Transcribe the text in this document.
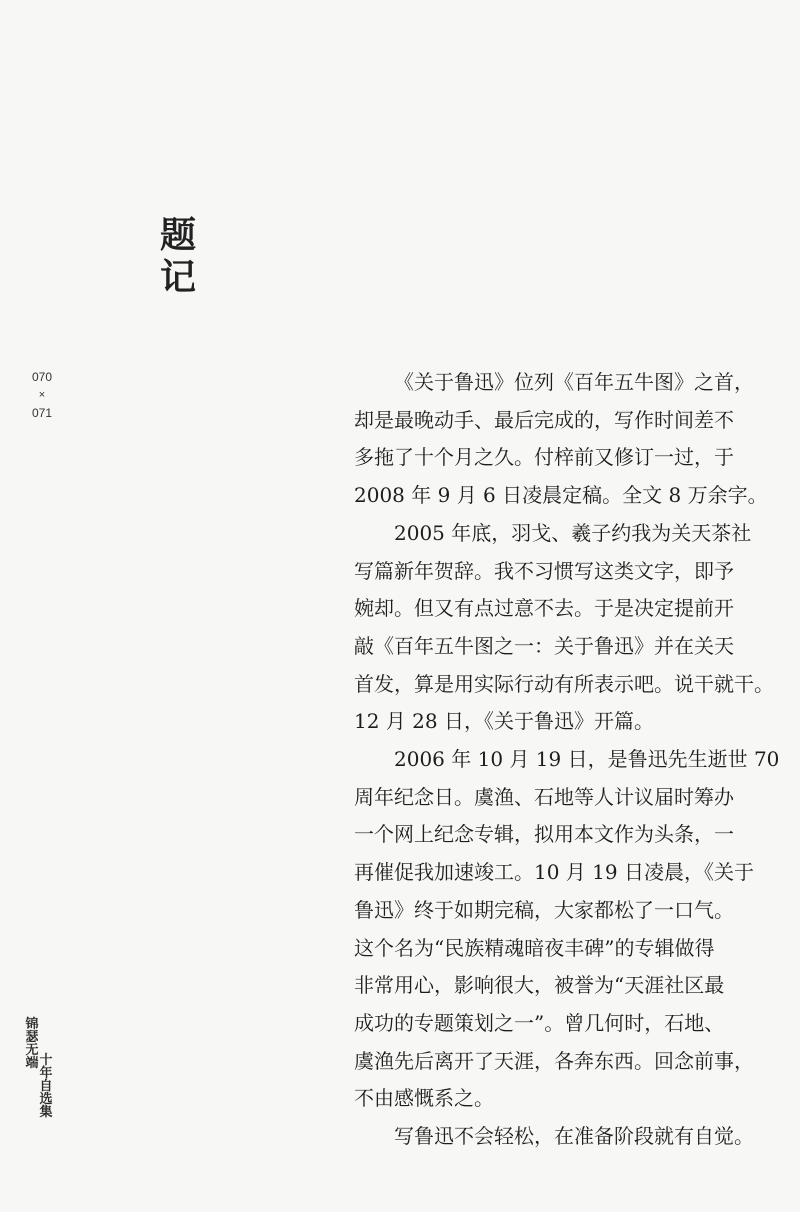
题
记
070
×
071
锦
瑟
无
端 十
年
自
选
集

《关于鲁迅》位列《百年五牛图》之首，
却是最晚动手、最后完成的，写作时间差不
多拖了十个月之久。付梓前又修订一过，于
2008 年 9 月 6 日凌晨定稿。全文 8 万余字。

2005 年底，羽戈、羲子约我为关天茶社
写篇新年贺辞。我不习惯写这类文字，即予
婉却。但又有点过意不去。于是决定提前开
敲《百年五牛图之一：关于鲁迅》并在关天
首发，算是用实际行动有所表示吧。说干就干。
12 月 28 日，《关于鲁迅》开篇。

2006 年 10 月 19 日，是鲁迅先生逝世 70
周年纪念日。虞渔、石地等人计议届时筹办
一个网上纪念专辑，拟用本文作为头条，一
再催促我加速竣工。10 月 19 日凌晨，《关于
鲁迅》终于如期完稿，大家都松了一口气。
这个名为“民族精魂暗夜丰碑”的专辑做得
非常用心，影响很大，被誉为“天涯社区最
成功的专题策划之一”。曾几何时，石地、
虞渔先后离开了天涯，各奔东西。回念前事，
不由感慨系之。

写鲁迅不会轻松，在准备阶段就有自觉。
